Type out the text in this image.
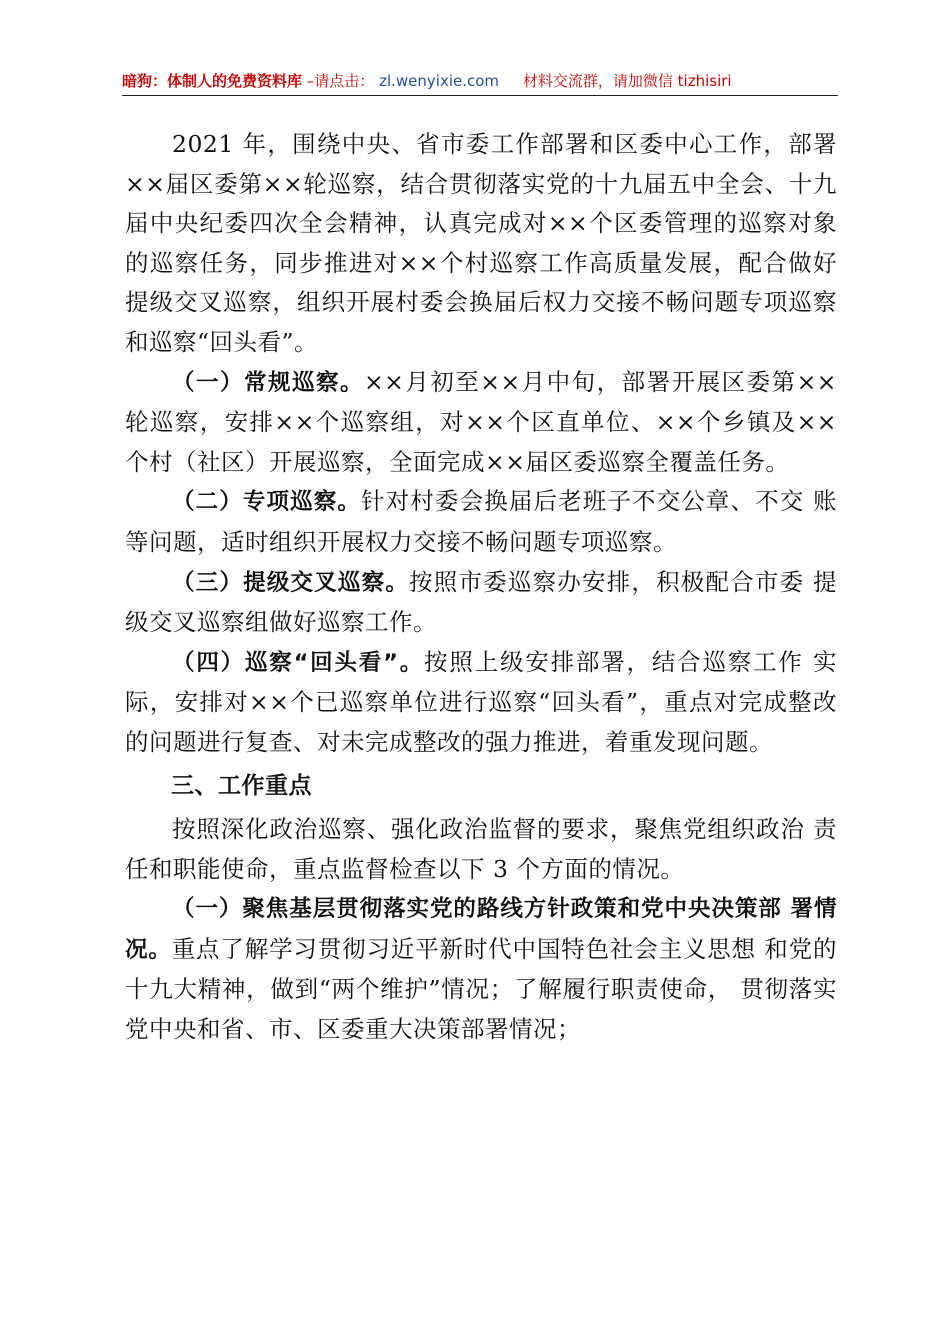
暗狗：体制人的免费资料库 –请点击： zl.wenyixie.com 材料交流群，请加微信 tizhisiri

2021 年，围绕中央、省市委工作部署和区委中心工作，部署××届区委第××轮巡察，结合贯彻落实党的十九届五中全会、十九届中央纪委四次全会精神，认真完成对××个区委管理的巡察对象的巡察任务，同步推进对××个村巡察工作高质量发展，配合做好提级交叉巡察，组织开展村委会换届后权力交接不畅问题专项巡察和巡察“回头看”。

（一）常规巡察。××月初至××月中旬，部署开展区委第××轮巡察，安排××个巡察组，对××个区直单位、××个乡镇及××个村（社区）开展巡察，全面完成××届区委巡察全覆盖任务。

（二）专项巡察。针对村委会换届后老班子不交公章、不交 账等问题，适时组织开展权力交接不畅问题专项巡察。

（三）提级交叉巡察。按照市委巡察办安排，积极配合市委 提级交叉巡察组做好巡察工作。

（四）巡察“回头看”。按照上级安排部署，结合巡察工作 实际，安排对××个已巡察单位进行巡察“回头看”，重点对完成整改的问题进行复查、对未完成整改的强力推进，着重发现问题。

三、工作重点

按照深化政治巡察、强化政治监督的要求，聚焦党组织政治 责任和职能使命，重点监督检查以下 3 个方面的情况。

（一）聚焦基层贯彻落实党的路线方针政策和党中央决策部 署情况。重点了解学习贯彻习近平新时代中国特色社会主义思想 和党的十九大精神，做到“两个维护”情况；了解履行职责使命， 贯彻落实党中央和省、市、区委重大决策部署情况；
